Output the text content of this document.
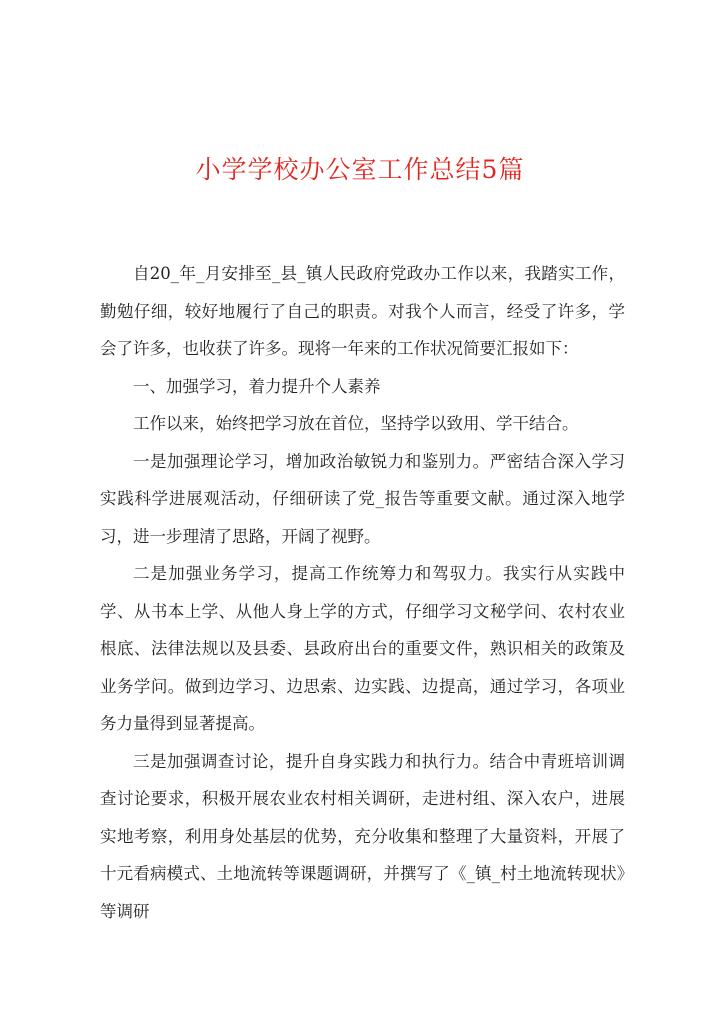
小学学校办公室工作总结5篇

自20_年_月安排至_县_镇人民政府党政办工作以来，我踏实工作，勤勉仔细，较好地履行了自己的职责。对我个人而言，经受了许多，学会了许多，也收获了许多。现将一年来的工作状况简要汇报如下：

一、加强学习，着力提升个人素养

工作以来，始终把学习放在首位，坚持学以致用、学干结合。

一是加强理论学习，增加政治敏锐力和鉴别力。严密结合深入学习实践科学进展观活动，仔细研读了党_报告等重要文献。通过深入地学习，进一步理清了思路，开阔了视野。

二是加强业务学习，提高工作统筹力和驾驭力。我实行从实践中学、从书本上学、从他人身上学的方式，仔细学习文秘学问、农村农业根底、法律法规以及县委、县政府出台的重要文件，熟识相关的政策及业务学问。做到边学习、边思索、边实践、边提高，通过学习，各项业务力量得到显著提高。

三是加强调查讨论，提升自身实践力和执行力。结合中青班培训调查讨论要求，积极开展农业农村相关调研，走进村组、深入农户，进展实地考察，利用身处基层的优势，充分收集和整理了大量资料，开展了十元看病模式、土地流转等课题调研，并撰写了《_镇_村土地流转现状》等调研
